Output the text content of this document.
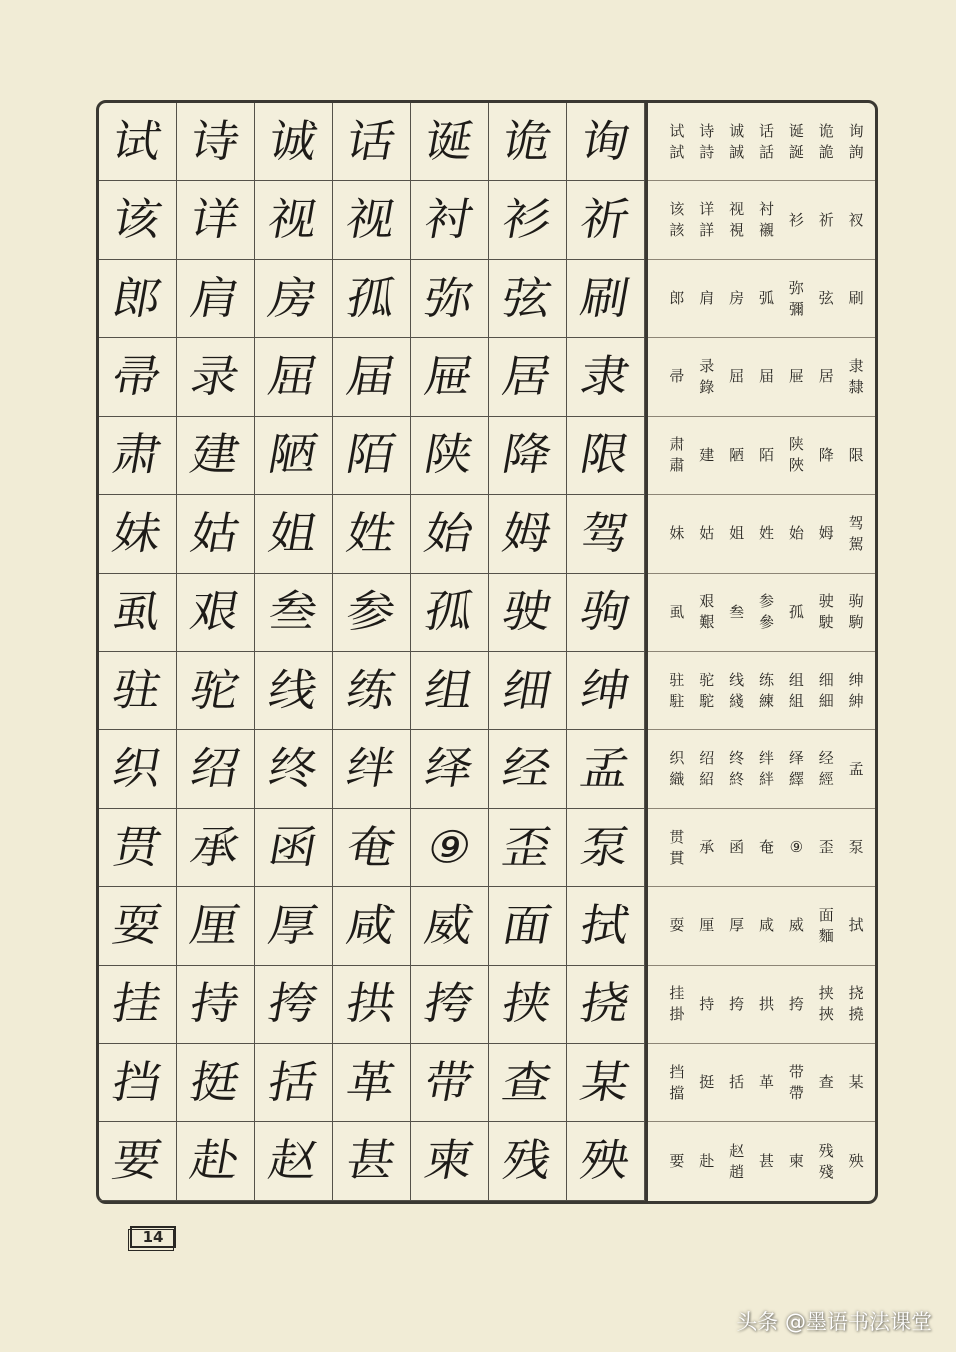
试 诗 诚 话 诞 诡 询
该 详 视 视 衬 衫 祈
郎 肩 房 孤 弥 弦 刷
帚 录 屈 届 屉 居 隶
肃 建 陋 陌 陕 降 限
妹 姑 姐 姓 始 姆 驾
虱 艰 叁 参 孤 驶 驹
驻 驼 线 练 组 细 绅
织 绍 终 绊 绎 经 孟
贯 承 函 奄 ⑨ 歪 泵
耍 厘 厚 咸 威 面 拭
挂 持 挎 拱 挎 挟 挠
挡 挺 括 革 带 查 某
要 赴 赵 甚 柬 残 殃
试
試
诗
詩
诚
誠
话
話
诞
誕
诡
詭
询
詢
该
該
详
詳
视
視
衬
襯
衫 祈 衩
郎 肩 房 弧
弥
彌
弦 刷
帚
录
錄
屈 届 屉 居
隶
隸
肃
肅
建 陋 陌
陕
陜
降 限
妹 姑 姐 姓 始 姆
驾
駕
虱
艰
艱
叁
参
參
孤
驶
駛
驹
駒
驻
駐
驼
駝
线
綫
练
練
组
組
细
細
绅
紳
织
織
绍
紹
终
終
绊
絆
绎
繹
经
經
孟
贯
貫
承 函 奄 ⑨ 歪 泵
耍 厘 厚 咸 威
面
麵
拭
挂
掛
持 挎 拱 挎
挟
挾
挠
撓
挡
擋
挺 括 革
带
帶
查 某
要 赴
赵
趙
甚 柬
残
殘
殃
14
头条 @墨语书法课堂
